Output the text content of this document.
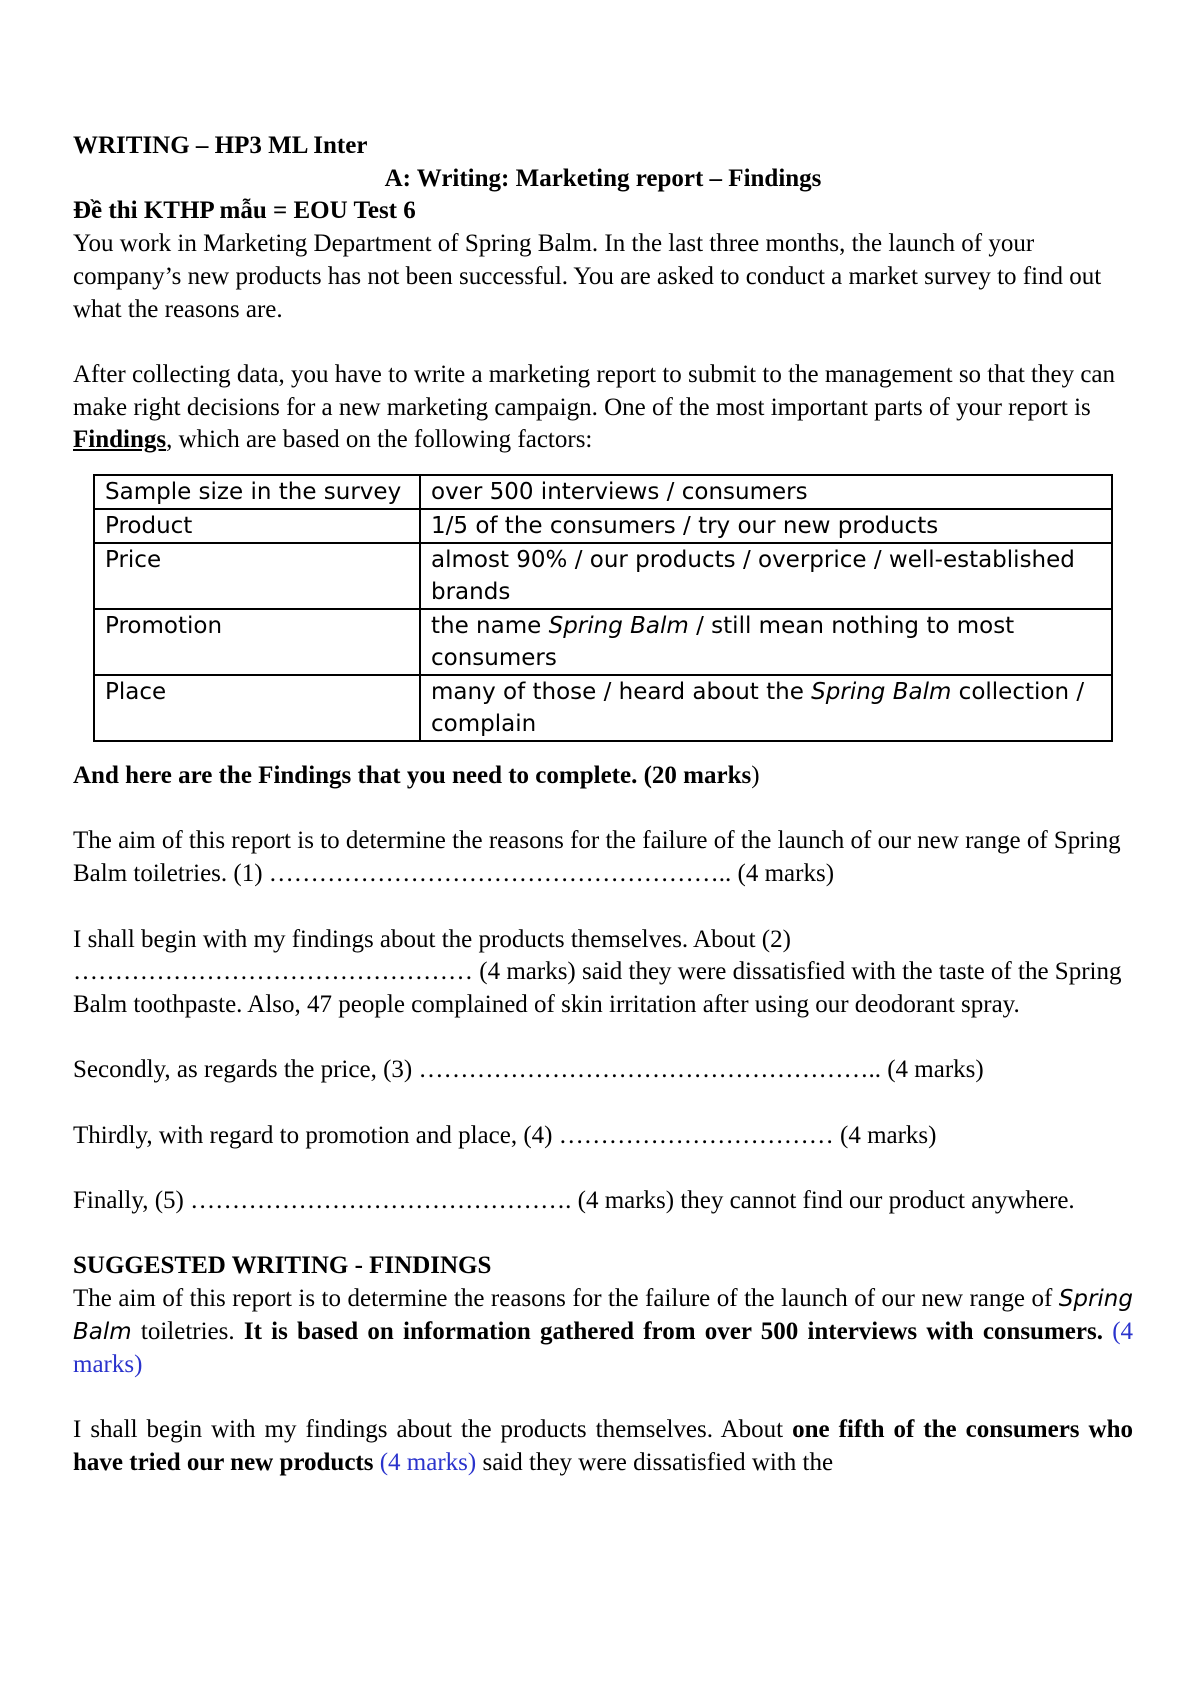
WRITING – HP3 ML Inter

A: Writing: Marketing report – Findings

Đề thi KTHP mẫu = EOU Test 6

You work in Marketing Department of Spring Balm. In the last three months, the launch of your company’s new products has not been successful. You are asked to conduct a market survey to find out what the reasons are.

After collecting data, you have to write a marketing report to submit to the management so that they can make right decisions for a new marketing campaign. One of the most important parts of your report is Findings, which are based on the following factors:

Sample size in the survey	over 500 interviews / consumers
Product	1/5 of the consumers / try our new products
Price	almost 90% / our products / overprice / well-established brands
Promotion	the name Spring Balm / still mean nothing to most consumers
Place	many of those / heard about the Spring Balm collection / complain

And here are the Findings that you need to complete. (20 marks)

The aim of this report is to determine the reasons for the failure of the launch of our new range of Spring Balm toiletries. (1) ……………………………………………….. (4 marks)

I shall begin with my findings about the products themselves. About (2) ………………………………………… (4 marks) said they were dissatisfied with the taste of the Spring Balm toothpaste. Also, 47 people complained of skin irritation after using our deodorant spray.

Secondly, as regards the price, (3) ……………………………………………….. (4 marks)

Thirdly, with regard to promotion and place, (4) …………………………… (4 marks)

Finally, (5) ………………………………………. (4 marks) they cannot find our product anywhere.

SUGGESTED WRITING - FINDINGS

The aim of this report is to determine the reasons for the failure of the launch of our new range of Spring Balm toiletries. It is based on information gathered from over 500 interviews with consumers. (4 marks)

I shall begin with my findings about the products themselves. About one fifth of the consumers who have tried our new products (4 marks) said they were dissatisfied with the
